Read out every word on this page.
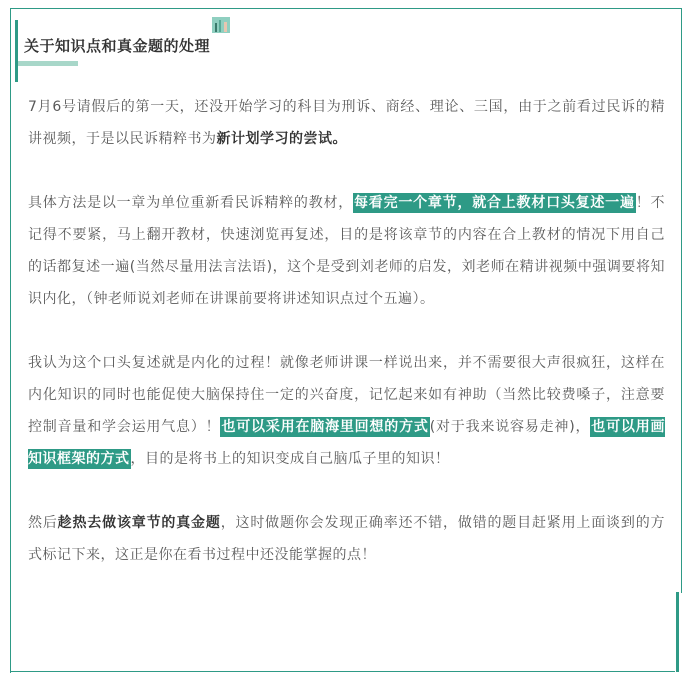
关于知识点和真金题的处理

7月6号请假后的第一天，还没开始学习的科目为刑诉、商经、理论、三国，由于之前看过民诉的精讲视频，于是以民诉精粹书为新计划学习的尝试。

具体方法是以一章为单位重新看民诉精粹的教材，每看完一个章节，就合上教材口头复述一遍！不记得不要紧，马上翻开教材，快速浏览再复述，目的是将该章节的内容在合上教材的情况下用自己的话都复述一遍(当然尽量用法言法语)，这个是受到刘老师的启发，刘老师在精讲视频中强调要将知识内化，（钟老师说刘老师在讲课前要将讲述知识点过个五遍）。

我认为这个口头复述就是内化的过程！就像老师讲课一样说出来，并不需要很大声很疯狂，这样在内化知识的同时也能促使大脑保持住一定的兴奋度，记忆起来如有神助（当然比较费嗓子，注意要控制音量和学会运用气息）！也可以采用在脑海里回想的方式(对于我来说容易走神)，也可以用画知识框架的方式，目的是将书上的知识变成自己脑瓜子里的知识！

然后趁热去做该章节的真金题，这时做题你会发现正确率还不错，做错的题目赶紧用上面谈到的方式标记下来，这正是你在看书过程中还没能掌握的点！
